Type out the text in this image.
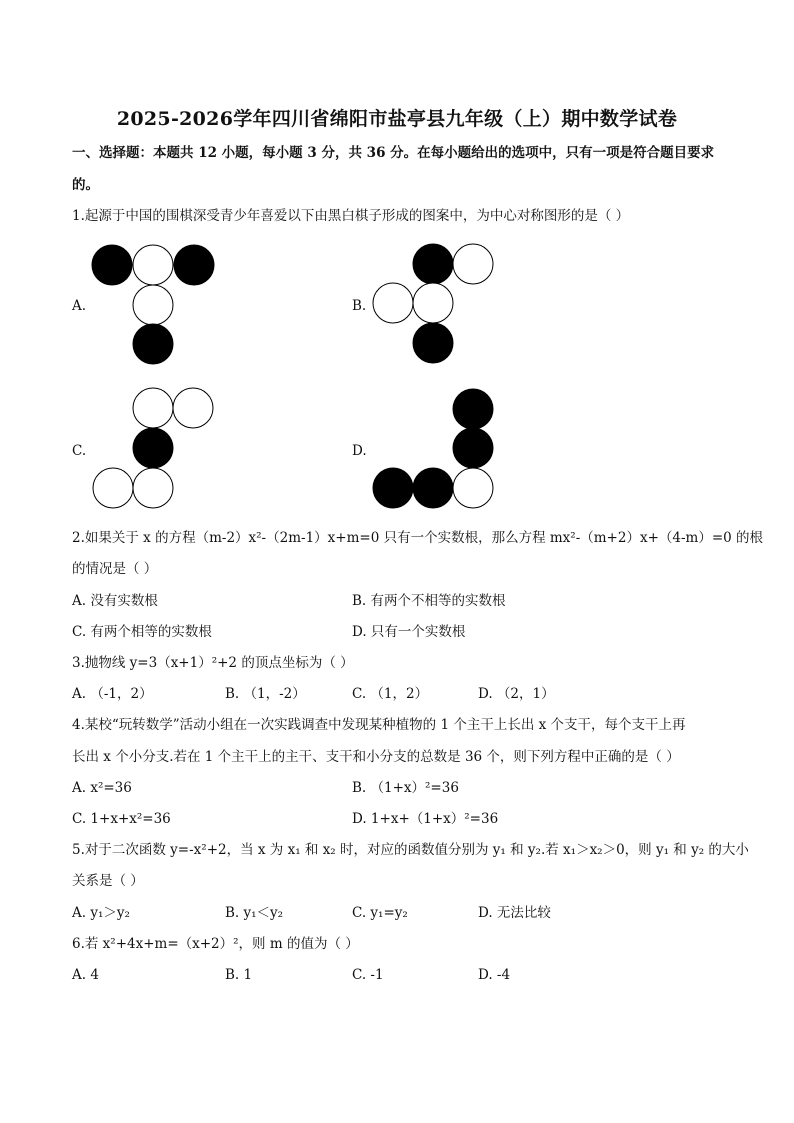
2025-2026学年四川省绵阳市盐亭县九年级（上）期中数学试卷
一、选择题：本题共 12 小题，每小题 3 分，共 36 分。在每小题给出的选项中，只有一项是符合题目要求
的。
1.起源于中国的围棋深受青少年喜爱以下由黑白棋子形成的图案中，为中心对称图形的是（ ）
A.	B.
C.	D.
2.如果关于 x 的方程（m-2）x²-（2m-1）x+m=0 只有一个实数根，那么方程 mx²-（m+2）x+（4-m）=0 的根
的情况是（ ）
A. 没有实数根	B. 有两个不相等的实数根
C. 有两个相等的实数根	D. 只有一个实数根
3.抛物线 y=3（x+1）²+2 的顶点坐标为（ ）
A. （-1，2）	B. （1，-2）	C. （1，2）	D. （2，1）
4.某校“玩转数学”活动小组在一次实践调查中发现某种植物的 1 个主干上长出 x 个支干，每个支干上再
长出 x 个小分支.若在 1 个主干上的主干、支干和小分支的总数是 36 个，则下列方程中正确的是（ ）
A. x²=36	B. （1+x）²=36
C. 1+x+x²=36	D. 1+x+（1+x）²=36
5.对于二次函数 y=-x²+2，当 x 为 x₁ 和 x₂ 时，对应的函数值分别为 y₁ 和 y₂.若 x₁＞x₂＞0，则 y₁ 和 y₂ 的大小
关系是（ ）
A. y₁＞y₂	B. y₁＜y₂	C. y₁=y₂	D. 无法比较
6.若 x²+4x+m=（x+2）²，则 m 的值为（ ）
A. 4	B. 1	C. -1	D. -4
